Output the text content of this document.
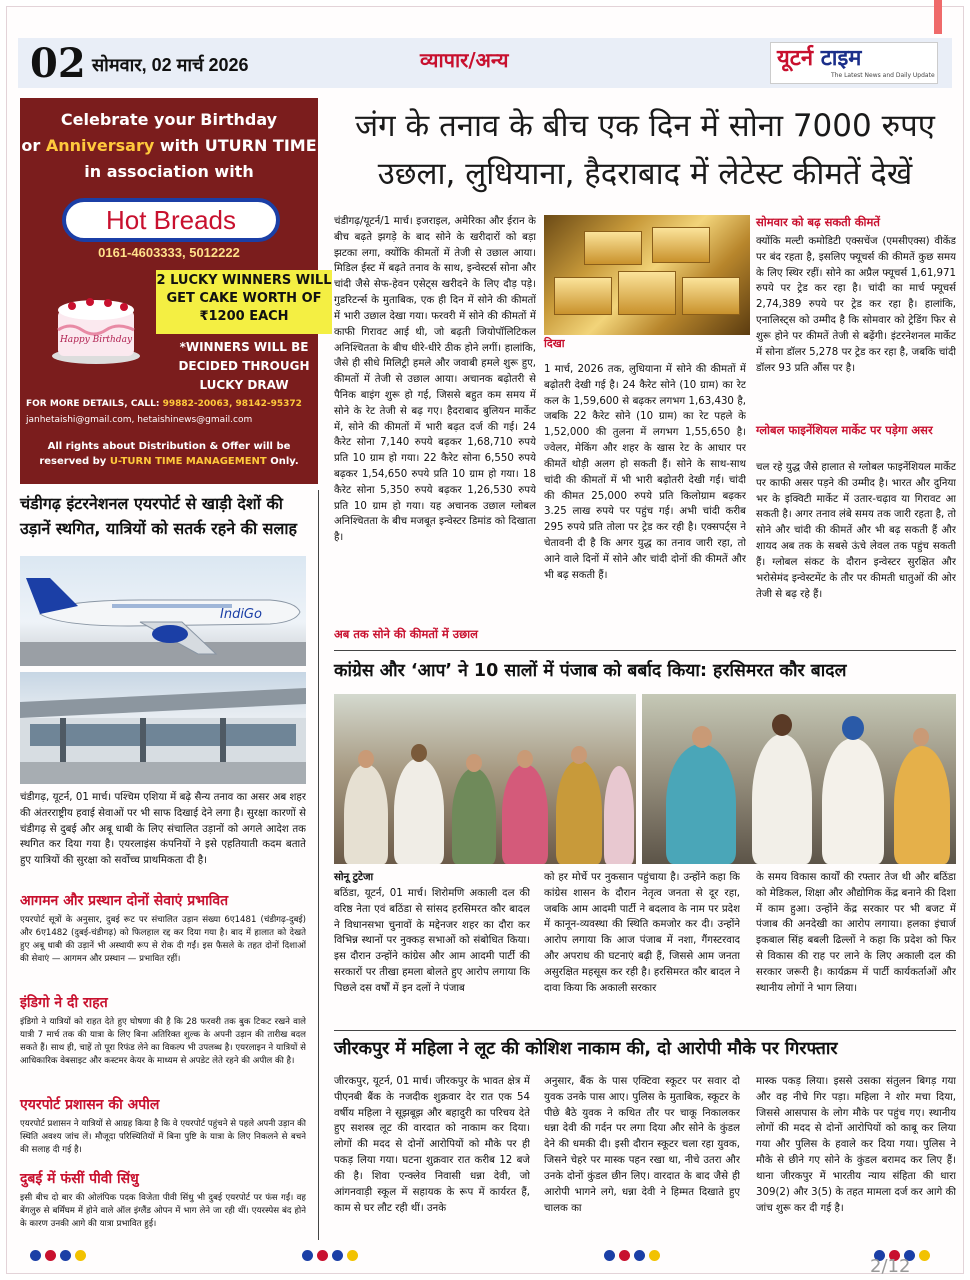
02 सोमवार, 02 मार्च 2026	व्यापार/अन्य	यूटर्न टाइम
The Latest News and Daily Update
Celebrate your Birthday
or Anniversary with UTURN TIME
in association with
Hot Breads
0161-4603333, 5012222
Happy Birthday
2 LUCKY WINNERS WILL GET CAKE WORTH OF ₹1200 EACH
*WINNERS WILL BE DECIDED THROUGH LUCKY DRAW
FOR MORE DETAILS, CALL: 99882-20063, 98142-95372
janhetaishi@gmail.com, hetaishinews@gmail.com
All rights about Distribution & Offer will be
reserved by U-TURN TIME MANAGEMENT Only.
जंग के तनाव के बीच एक दिन में सोना 7000 रुपए उछला, लुधियाना, हैदराबाद में लेटेस्ट कीमतें देखें
चंडीगढ़/यूटर्न/1 मार्च। इजराइल, अमेरिका और ईरान के बीच बढ़ते झगड़े के बाद सोने के खरीदारों को बड़ा झटका लगा, क्योंकि कीमतों में तेजी से उछाल आया। मिडिल ईस्ट में बढ़ते तनाव के साथ, इन्वेस्टर्स सोना और चांदी जैसे सेफ-हेवन एसेट्स खरीदने के लिए दौड़ पड़े। गुडरिटर्न्स के मुताबिक, एक ही दिन में सोने की कीमतों में भारी उछाल देखा गया। फरवरी में सोने की कीमतों में काफी गिरावट आई थी, जो बढ़ती जियोपॉलिटिकल अनिश्चितता के बीच धीरे-धीरे ठीक होने लगीं। हालांकि, जैसे ही सीधे मिलिट्री हमले और जवाबी हमले शुरू हुए, कीमतों में तेजी से उछाल आया। अचानक बढ़ोतरी से पैनिक बाइंग शुरू हो गई, जिससे बहुत कम समय में सोने के रेट तेजी से बढ़ गए। हैदराबाद बुलियन मार्केट में, सोने की कीमतों में भारी बढ़त दर्ज की गई। 24 कैरेट सोना 7,140 रुपये बढ़कर 1,68,710 रुपये प्रति 10 ग्राम हो गया। 22 कैरेट सोना 6,550 रुपये बढ़कर 1,54,650 रुपये प्रति 10 ग्राम हो गया। 18 कैरेट सोना 5,350 रुपये बढ़कर 1,26,530 रुपये प्रति 10 ग्राम हो गया। यह अचानक उछाल ग्लोबल अनिश्चितता के बीच मजबूत इन्वेस्टर डिमांड को दिखाता है।
अब तक सोने की कीमतों में उछाल
दिखा
1 मार्च, 2026 तक, लुधियाना में सोने की कीमतों में बढ़ोतरी देखी गई है। 24 कैरेट सोने (10 ग्राम) का रेट कल के 1,59,600 से बढ़कर लगभग 1,63,430 है, जबकि 22 कैरेट सोने (10 ग्राम) का रेट पहले के 1,52,000 की तुलना में लगभग 1,55,650 है। ज्वेलर, मेकिंग और शहर के खास रेट के आधार पर कीमतें थोड़ी अलग हो सकती हैं। सोने के साथ-साथ चांदी की कीमतों में भी भारी बढ़ोतरी देखी गई। चांदी की कीमत 25,000 रुपये प्रति किलोग्राम बढ़कर 3.25 लाख रुपये पर पहुंच गई। अभी चांदी करीब 295 रुपये प्रति तोला पर ट्रेड कर रही है। एक्सपर्ट्स ने चेतावनी दी है कि अगर युद्ध का तनाव जारी रहा, तो आने वाले दिनों में सोने और चांदी दोनों की कीमतें और भी बढ़ सकती हैं।
सोमवार को बढ़ सकती कीमतें
क्योंकि मल्टी कमोडिटी एक्सचेंज (एमसीएक्स) वीकेंड पर बंद रहता है, इसलिए फ्यूचर्स की कीमतें कुछ समय के लिए स्थिर रहीं। सोने का अप्रैल फ्यूचर्स 1,61,971 रुपये पर ट्रेड कर रहा है। चांदी का मार्च फ्यूचर्स 2,74,389 रुपये पर ट्रेड कर रहा है। हालांकि, एनालिस्ट्स को उम्मीद है कि सोमवार को ट्रेडिंग फिर से शुरू होने पर कीमतें तेजी से बढ़ेंगी। इंटरनेशनल मार्केट में सोना डॉलर 5,278 पर ट्रेड कर रहा है, जबकि चांदी डॉलर 93 प्रति औंस पर है।
ग्लोबल फाइनेंशियल मार्केट पर पड़ेगा असर
चल रहे युद्ध जैसे हालात से ग्लोबल फाइनेंशियल मार्केट पर काफी असर पड़ने की उम्मीद है। भारत और दुनिया भर के इक्विटी मार्केट में उतार-चढ़ाव या गिरावट आ सकती है। अगर तनाव लंबे समय तक जारी रहता है, तो सोने और चांदी की कीमतें और भी बढ़ सकती हैं और शायद अब तक के सबसे ऊंचे लेवल तक पहुंच सकती हैं। ग्लोबल संकट के दौरान इन्वेस्टर सुरक्षित और भरोसेमंद इन्वेस्टमेंट के तौर पर कीमती धातुओं की ओर तेजी से बढ़ रहे हैं।
चंडीगढ़ इंटरनेशनल एयरपोर्ट से खाड़ी देशों की उड़ानें स्थगित, यात्रियों को सतर्क रहने की सलाह
IndiGo
चंडीगढ़, यूटर्न, 01 मार्च। पश्चिम एशिया में बढ़े सैन्य तनाव का असर अब शहर की अंतरराष्ट्रीय हवाई सेवाओं पर भी साफ दिखाई देने लगा है। सुरक्षा कारणों से चंडीगढ़ से दुबई और अबू धाबी के लिए संचालित उड़ानों को अगले आदेश तक स्थगित कर दिया गया है। एयरलाइंस कंपनियों ने इसे एहतियाती कदम बताते हुए यात्रियों की सुरक्षा को सर्वोच्च प्राथमिकता दी है।
आगमन और प्रस्थान दोनों सेवाएं प्रभावित
एयरपोर्ट सूत्रों के अनुसार, दुबई रूट पर संचालित उड़ान संख्या 6ए1481 (चंडीगढ़-दुबई) और 6ए1482 (दुबई-चंडीगढ़) को फिलहाल रद्द कर दिया गया है। बाद में हालात को देखते हुए अबू धाबी की उड़ानें भी अस्थायी रूप से रोक दी गईं। इस फैसले के तहत दोनों दिशाओं की सेवाएं — आगमन और प्रस्थान — प्रभावित रहीं।
इंडिगो ने दी राहत
इंडिगो ने यात्रियों को राहत देते हुए घोषणा की है कि 28 फरवरी तक बुक टिकट रखने वाले यात्री 7 मार्च तक की यात्रा के लिए बिना अतिरिक्त शुल्क के अपनी उड़ान की तारीख बदल सकते हैं। साथ ही, चाहें तो पूरा रिफंड लेने का विकल्प भी उपलब्ध है। एयरलाइन ने यात्रियों से आधिकारिक वेबसाइट और कस्टमर केयर के माध्यम से अपडेट लेते रहने की अपील की है।
एयरपोर्ट प्रशासन की अपील
एयरपोर्ट प्रशासन ने यात्रियों से आग्रह किया है कि वे एयरपोर्ट पहुंचने से पहले अपनी उड़ान की स्थिति अवश्य जांच लें। मौजूदा परिस्थितियों में बिना पुष्टि के यात्रा के लिए निकलने से बचने की सलाह दी गई है।
दुबई में फंसीं पीवी सिंधु
इसी बीच दो बार की ओलंपिक पदक विजेता पीवी सिंधु भी दुबई एयरपोर्ट पर फंस गईं। वह बेंगलुरु से बर्मिंघम में होने वाले ऑल इंग्लैंड ओपन में भाग लेने जा रही थीं। एयरस्पेस बंद होने के कारण उनकी आगे की यात्रा प्रभावित हुई।
कांग्रेस और ‘आप’ ने 10 सालों में पंजाब को बर्बाद किया: हरसिमरत कौर बादल
सोनू टुटेजा
बठिंडा, यूटर्न, 01 मार्च। शिरोमणि अकाली दल की वरिष्ठ नेता एवं बठिंडा से सांसद हरसिमरत कौर बादल ने विधानसभा चुनावों के मद्देनजर शहर का दौरा कर विभिन्न स्थानों पर नुक्कड़ सभाओं को संबोधित किया। इस दौरान उन्होंने कांग्रेस और आम आदमी पार्टी की सरकारों पर तीखा हमला बोलते हुए आरोप लगाया कि पिछले दस वर्षों में इन दलों ने पंजाब
को हर मोर्चे पर नुकसान पहुंचाया है। उन्होंने कहा कि कांग्रेस शासन के दौरान नेतृत्व जनता से दूर रहा, जबकि आम आदमी पार्टी ने बदलाव के नाम पर प्रदेश में कानून-व्यवस्था की स्थिति कमजोर कर दी। उन्होंने आरोप लगाया कि आज पंजाब में नशा, गैंगस्टरवाद और अपराध की घटनाएं बढ़ी हैं, जिससे आम जनता असुरक्षित महसूस कर रही है। हरसिमरत कौर बादल ने दावा किया कि अकाली सरकार
के समय विकास कार्यों की रफ्तार तेज थी और बठिंडा को मेडिकल, शिक्षा और औद्योगिक केंद्र बनाने की दिशा में काम हुआ। उन्होंने केंद्र सरकार पर भी बजट में पंजाब की अनदेखी का आरोप लगाया। हलका इंचार्ज इकबाल सिंह बबली ढिल्लों ने कहा कि प्रदेश को फिर से विकास की राह पर लाने के लिए अकाली दल की सरकार जरूरी है। कार्यक्रम में पार्टी कार्यकर्ताओं और स्थानीय लोगों ने भाग लिया।
जीरकपुर में महिला ने लूट की कोशिश नाकाम की, दो आरोपी मौके पर गिरफ्तार
जीरकपुर, यूटर्न, 01 मार्च। जीरकपुर के भावत क्षेत्र में पीएनबी बैंक के नजदीक शुक्रवार देर रात एक 54 वर्षीय महिला ने सूझबूझ और बहादुरी का परिचय देते हुए सशस्त्र लूट की वारदात को नाकाम कर दिया। लोगों की मदद से दोनों आरोपियों को मौके पर ही पकड़ लिया गया। घटना शुक्रवार रात करीब 12 बजे की है। शिवा एन्क्लेव निवासी धन्ना देवी, जो आंगनवाड़ी स्कूल में सहायक के रूप में कार्यरत हैं, काम से घर लौट रही थीं। उनके
अनुसार, बैंक के पास एक्टिवा स्कूटर पर सवार दो युवक उनके पास आए। पुलिस के मुताबिक, स्कूटर के पीछे बैठे युवक ने कथित तौर पर चाकू निकालकर धन्ना देवी की गर्दन पर लगा दिया और सोने के कुंडल देने की धमकी दी। इसी दौरान स्कूटर चला रहा युवक, जिसने चेहरे पर मास्क पहन रखा था, नीचे उतरा और उनके दोनों कुंडल छीन लिए। वारदात के बाद जैसे ही आरोपी भागने लगे, धन्ना देवी ने हिम्मत दिखाते हुए चालक का
मास्क पकड़ लिया। इससे उसका संतुलन बिगड़ गया और वह नीचे गिर पड़ा। महिला ने शोर मचा दिया, जिससे आसपास के लोग मौके पर पहुंच गए। स्थानीय लोगों की मदद से दोनों आरोपियों को काबू कर लिया गया और पुलिस के हवाले कर दिया गया। पुलिस ने मौके से छीने गए सोने के कुंडल बरामद कर लिए हैं। थाना जीरकपुर में भारतीय न्याय संहिता की धारा 309(2) और 3(5) के तहत मामला दर्ज कर आगे की जांच शुरू कर दी गई है।
2/12
